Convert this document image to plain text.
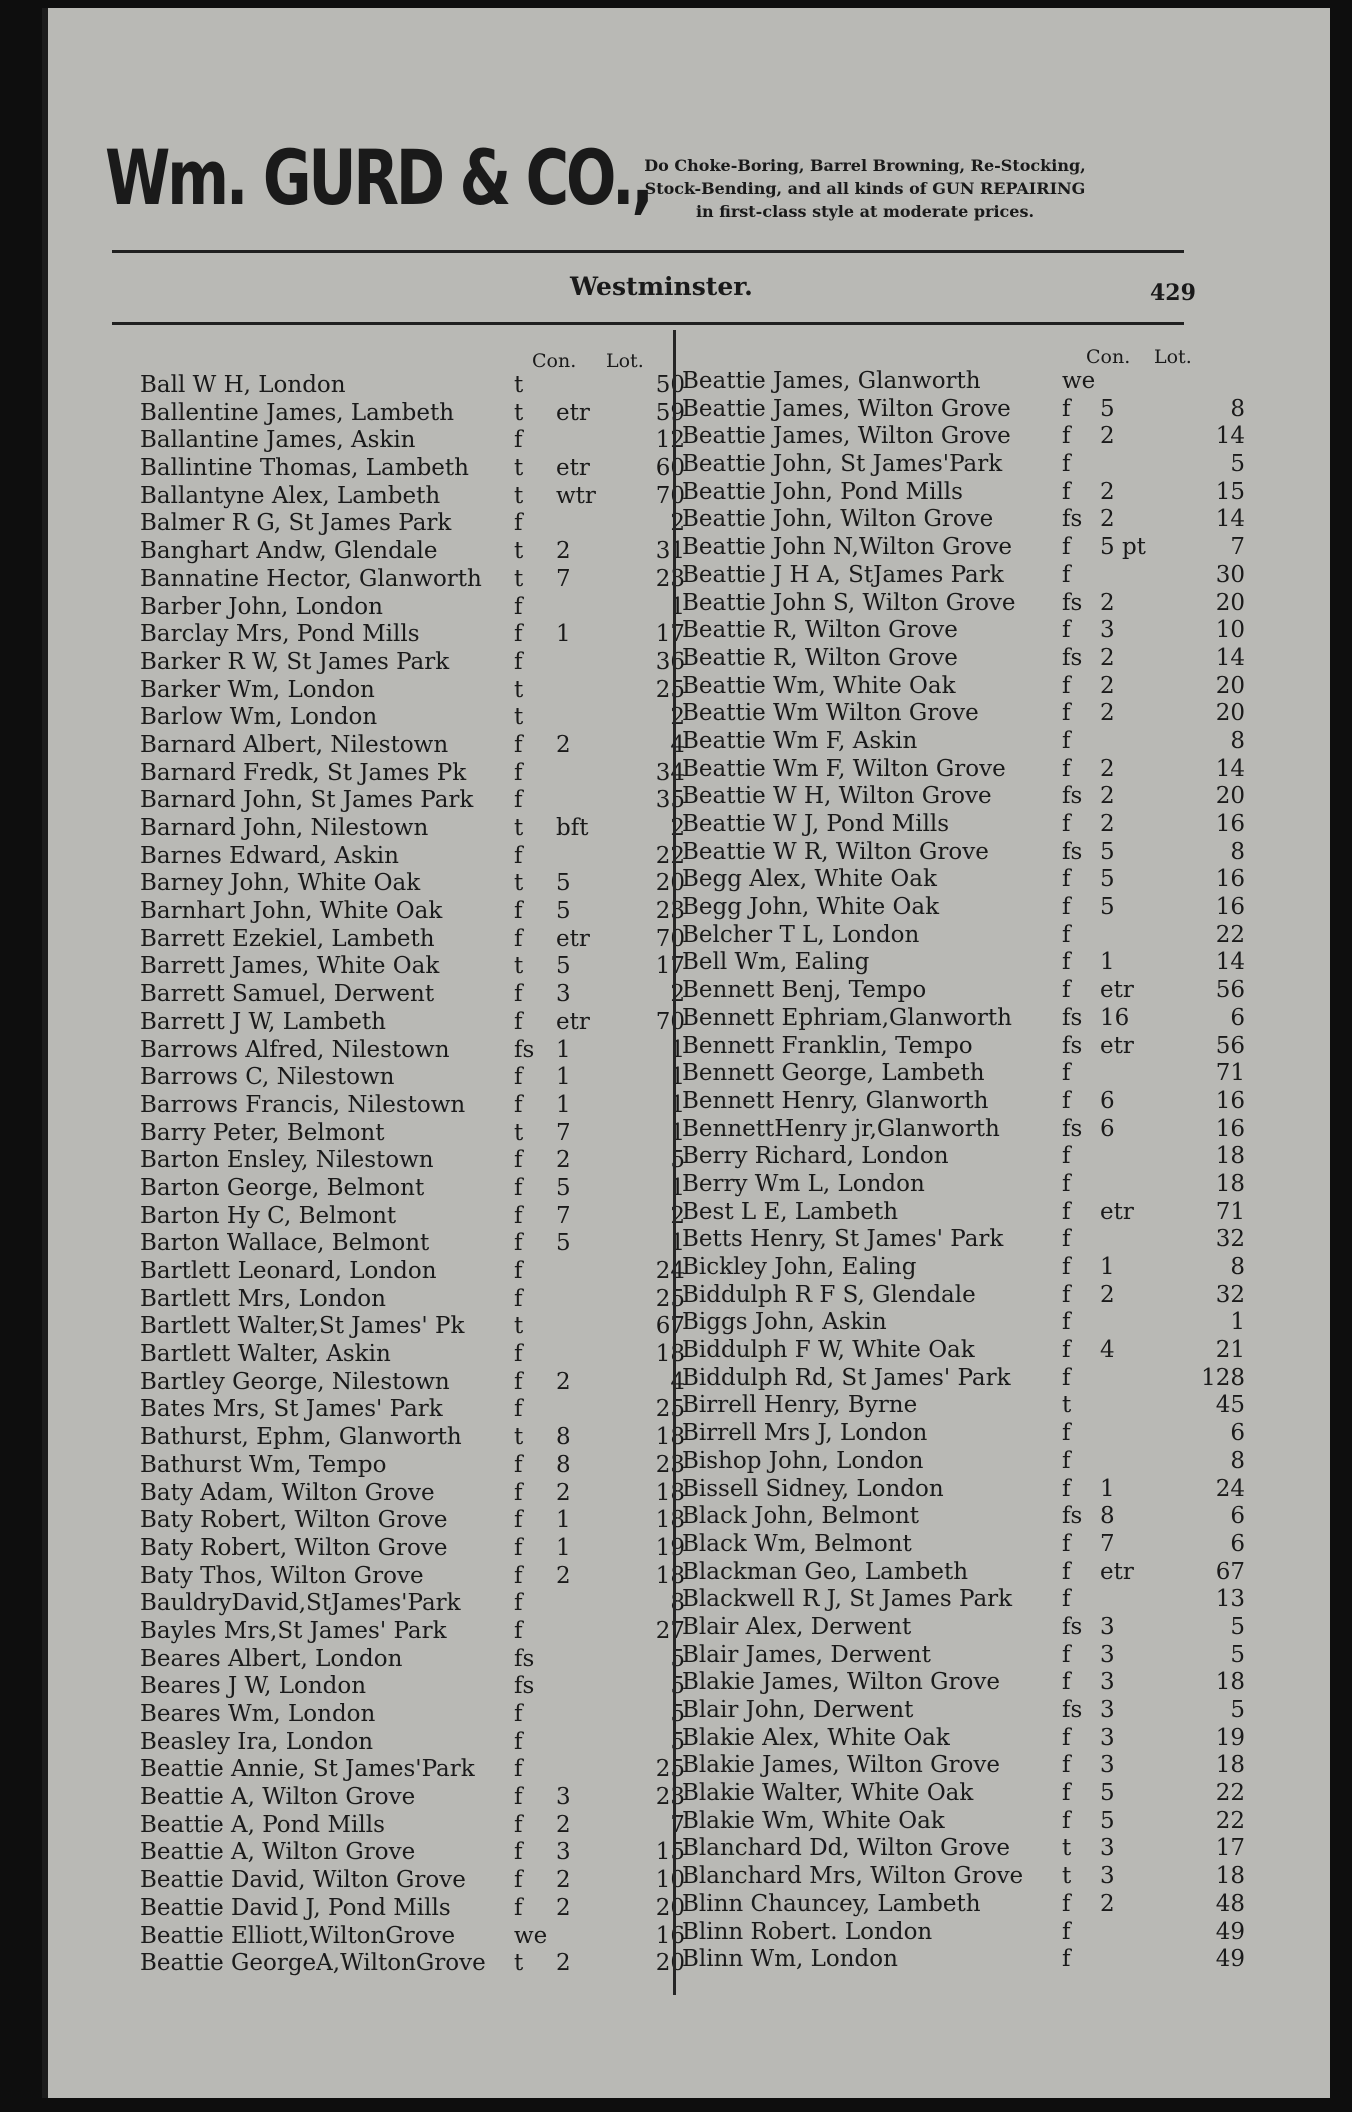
Wm. GURD & CO.,
Do Choke-Boring, Barrel Browning, Re-Stocking,
Stock-Bending, and all kinds of GUN REPAIRING
in first-class style at moderate prices.
Westminster.	429
Con. Lot.
Ball W H, London	t	50
Ballentine James, Lambeth	t etr	59
Ballantine James, Askin	f	12
Ballintine Thomas, Lambeth t etr	60
Ballantyne Alex, Lambeth	t wtr	70
Balmer R G, St James Park	f	2
Banghart Andw, Glendale	t 2	31
Bannatine Hector, Glanworth t 7	23
Barber John, London	f	1
Barclay Mrs, Pond Mills	f 1	17
Barker R W, St James Park	f	36
Barker Wm, London	t	25
Barlow Wm, London	t	2
Barnard Albert, Nilestown	f 2	4
Barnard Fredk, St James Pk f	34
Barnard John, St James Park f	35
Barnard John, Nilestown	t bft	2
Barnes Edward, Askin	f	22
Barney John, White Oak	t 5	20
Barnhart John, White Oak	f 5	23
Barrett Ezekiel, Lambeth	f etr	70
Barrett James, White Oak	t 5	17
Barrett Samuel, Derwent	f 3	2
Barrett J W, Lambeth	f etr	70
Barrows Alfred, Nilestown	fs 1	1
Barrows C, Nilestown	f 1	1
Barrows Francis, Nilestown f 1	1
Barry Peter, Belmont	t 7	1
Barton Ensley, Nilestown	f 2	5
Barton George, Belmont	f 5	1
Barton Hy C, Belmont	f 7	2
Barton Wallace, Belmont	f 5	1
Bartlett Leonard, London	f	24
Bartlett Mrs, London	f	25
Bartlett Walter,St James' Pk t	67
Bartlett Walter, Askin	f	18
Bartley George, Nilestown	f 2	4
Bates Mrs, St James' Park	f	25
Bathurst, Ephm, Glanworth t 8	18
Bathurst Wm, Tempo	f 8	23
Baty Adam, Wilton Grove	f 2	18
Baty Robert, Wilton Grove	f 1	18
Baty Robert, Wilton Grove	f 1	19
Baty Thos, Wilton Grove	f 2	18
BauldryDavid,StJames'Park f	8
Bayles Mrs,St James' Park	f	27
Beares Albert, London	fs	5
Beares J W, London	fs	5
Beares Wm, London	f	5
Beasley Ira, London	f	5
Beattie Annie, St James'Park f	25
Beattie A, Wilton Grove	f 3	23
Beattie A, Pond Mills	f 2	7
Beattie A, Wilton Grove	f 3	15
Beattie David, Wilton Grove f 2	10
Beattie David J, Pond Mills	f 2	20
Beattie Elliott,WiltonGrove	we	16
Beattie GeorgeA,WiltonGrove t 2	20
Con. Lot.
Beattie James, Glanworth	we
Beattie James, Wilton Grove f 5	8
Beattie James, Wilton Grove f 2	14
Beattie John, St James'Park	f	5
Beattie John, Pond Mills	f 2	15
Beattie John, Wilton Grove	fs 2	14
Beattie John N,Wilton Grove f 5 pt	7
Beattie J H A, StJames Park	f	30
Beattie John S, Wilton Grove fs 2	20
Beattie R, Wilton Grove	f 3	10
Beattie R, Wilton Grove	fs 2	14
Beattie Wm, White Oak	f 2	20
Beattie Wm Wilton Grove	f 2	20
Beattie Wm F, Askin	f	8
Beattie Wm F, Wilton Grove f 2	14
Beattie W H, Wilton Grove	fs 2	20
Beattie W J, Pond Mills	f 2	16
Beattie W R, Wilton Grove	fs 5	8
Begg Alex, White Oak	f 5	16
Begg John, White Oak	f 5	16
Belcher T L, London	f	22
Bell Wm, Ealing	f 1	14
Bennett Benj, Tempo	f etr	56
Bennett Ephriam,Glanworth fs 16	6
Bennett Franklin, Tempo	fs etr	56
Bennett George, Lambeth	f	71
Bennett Henry, Glanworth	f 6	16
BennettHenry jr,Glanworth	fs 6	16
Berry Richard, London	f	18
Berry Wm L, London	f	18
Best L E, Lambeth	f etr	71
Betts Henry, St James' Park	f	32
Bickley John, Ealing	f 1	8
Biddulph R F S, Glendale	f 2	32
Biggs John, Askin	f	1
Biddulph F W, White Oak	f 4	21
Biddulph Rd, St James' Park f	128
Birrell Henry, Byrne	t	45
Birrell Mrs J, London	f	6
Bishop John, London	f	8
Bissell Sidney, London	f 1	24
Black John, Belmont	fs 8	6
Black Wm, Belmont	f 7	6
Blackman Geo, Lambeth	f etr	67
Blackwell R J, St James Park f	13
Blair Alex, Derwent	fs 3	5
Blair James, Derwent	f 3	5
Blakie James, Wilton Grove	f 3	18
Blair John, Derwent	fs 3	5
Blakie Alex, White Oak	f 3	19
Blakie James, Wilton Grove	f 3	18
Blakie Walter, White Oak	f 5	22
Blakie Wm, White Oak	f 5	22
Blanchard Dd, Wilton Grove t 3	17
Blanchard Mrs, Wilton Grove t 3	18
Blinn Chauncey, Lambeth	f 2	48
Blinn Robert. London	f	49
Blinn Wm, London	f	49
